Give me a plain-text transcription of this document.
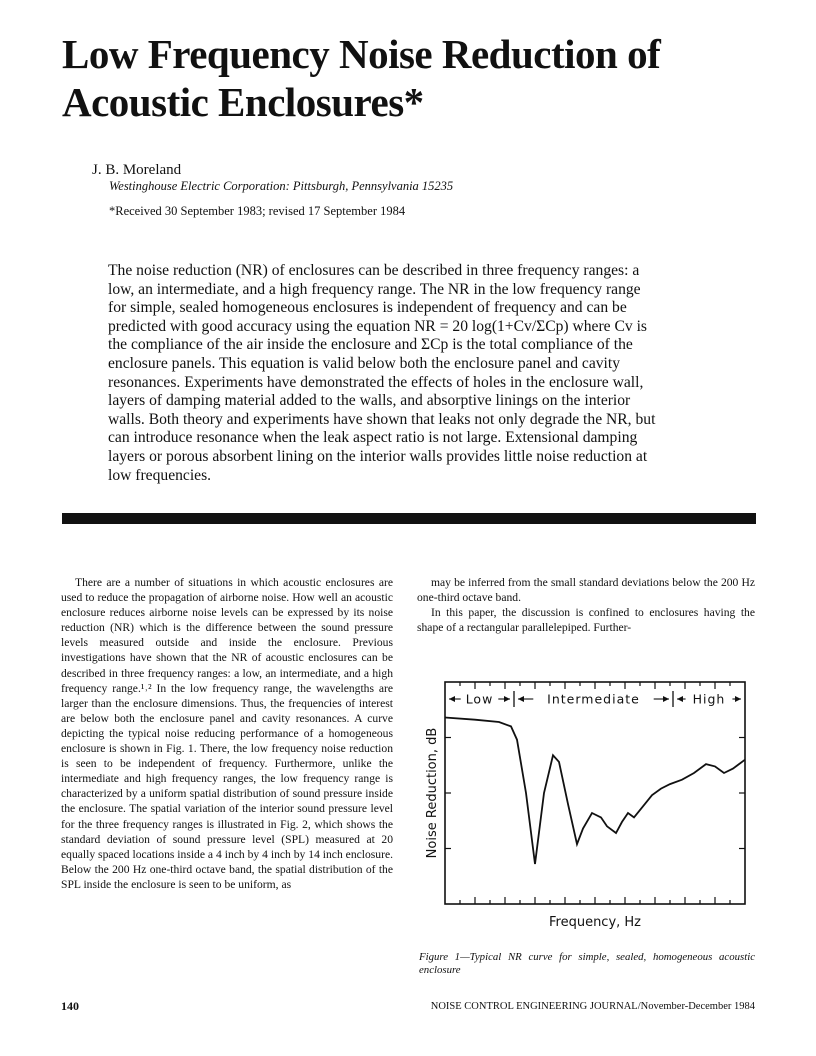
Low Frequency Noise Reduction of
Acoustic Enclosures*
J. B. Moreland
Westinghouse Electric Corporation: Pittsburgh, Pennsylvania 15235
*Received 30 September 1983; revised 17 September 1984

The noise reduction (NR) of enclosures can be described in three frequency ranges: a low, an intermediate, and a high frequency range. The NR in the low frequency range for simple, sealed homogeneous enclosures is independent of frequency and can be predicted with good accuracy using the equation NR = 20 log(1+Cv/ΣCp) where Cv is the compliance of the air inside the enclosure and ΣCp is the total compliance of the enclosure panels. This equation is valid below both the enclosure panel and cavity resonances. Experiments have demonstrated the effects of holes in the enclosure wall, layers of damping material added to the walls, and absorptive linings on the interior walls. Both theory and experiments have shown that leaks not only degrade the NR, but can introduce resonance when the leak aspect ratio is not large. Extensional damping layers or porous absorbent lining on the interior walls provides little noise reduction at low frequencies.

There are a number of situations in which acoustic enclosures are used to reduce the propagation of airborne noise. How well an acoustic enclosure reduces airborne noise levels can be expressed by its noise reduction (NR) which is the difference between the sound pressure levels measured outside and inside the enclosure. Previous investigations have shown that the NR of acoustic enclosures can be described in three frequency ranges: a low, an intermediate, and a high frequency range.¹˒² In the low frequency range, the wavelengths are larger than the enclosure dimensions. Thus, the frequencies of interest are below both the enclosure panel and cavity resonances. A curve depicting the typical noise reducing performance of a homogeneous enclosure is shown in Fig. 1. There, the low frequency noise reduction is seen to be independent of frequency. Furthermore, unlike the intermediate and high frequency ranges, the low frequency range is characterized by a uniform spatial distribution of sound pressure inside the enclosure. The spatial variation of the interior sound pressure level for the three frequency ranges is illustrated in Fig. 2, which shows the standard deviation of sound pressure level (SPL) measured at 20 equally spaced locations inside a 4 inch by 4 inch by 14 inch enclosure. Below the 200 Hz one-third octave band, the spatial distribution of the SPL inside the enclosure is seen to be uniform, as

may be inferred from the small standard deviations below the 200 Hz one-third octave band.

In this paper, the discussion is confined to enclosures having the shape of a rectangular parallelepiped. Further-

Low	Intermediate	High
Noise Reduction, dB
Frequency, Hz
Figure 1—Typical NR curve for simple, sealed, homogeneous acoustic enclosure
140	NOISE CONTROL ENGINEERING JOURNAL/November-December 1984
